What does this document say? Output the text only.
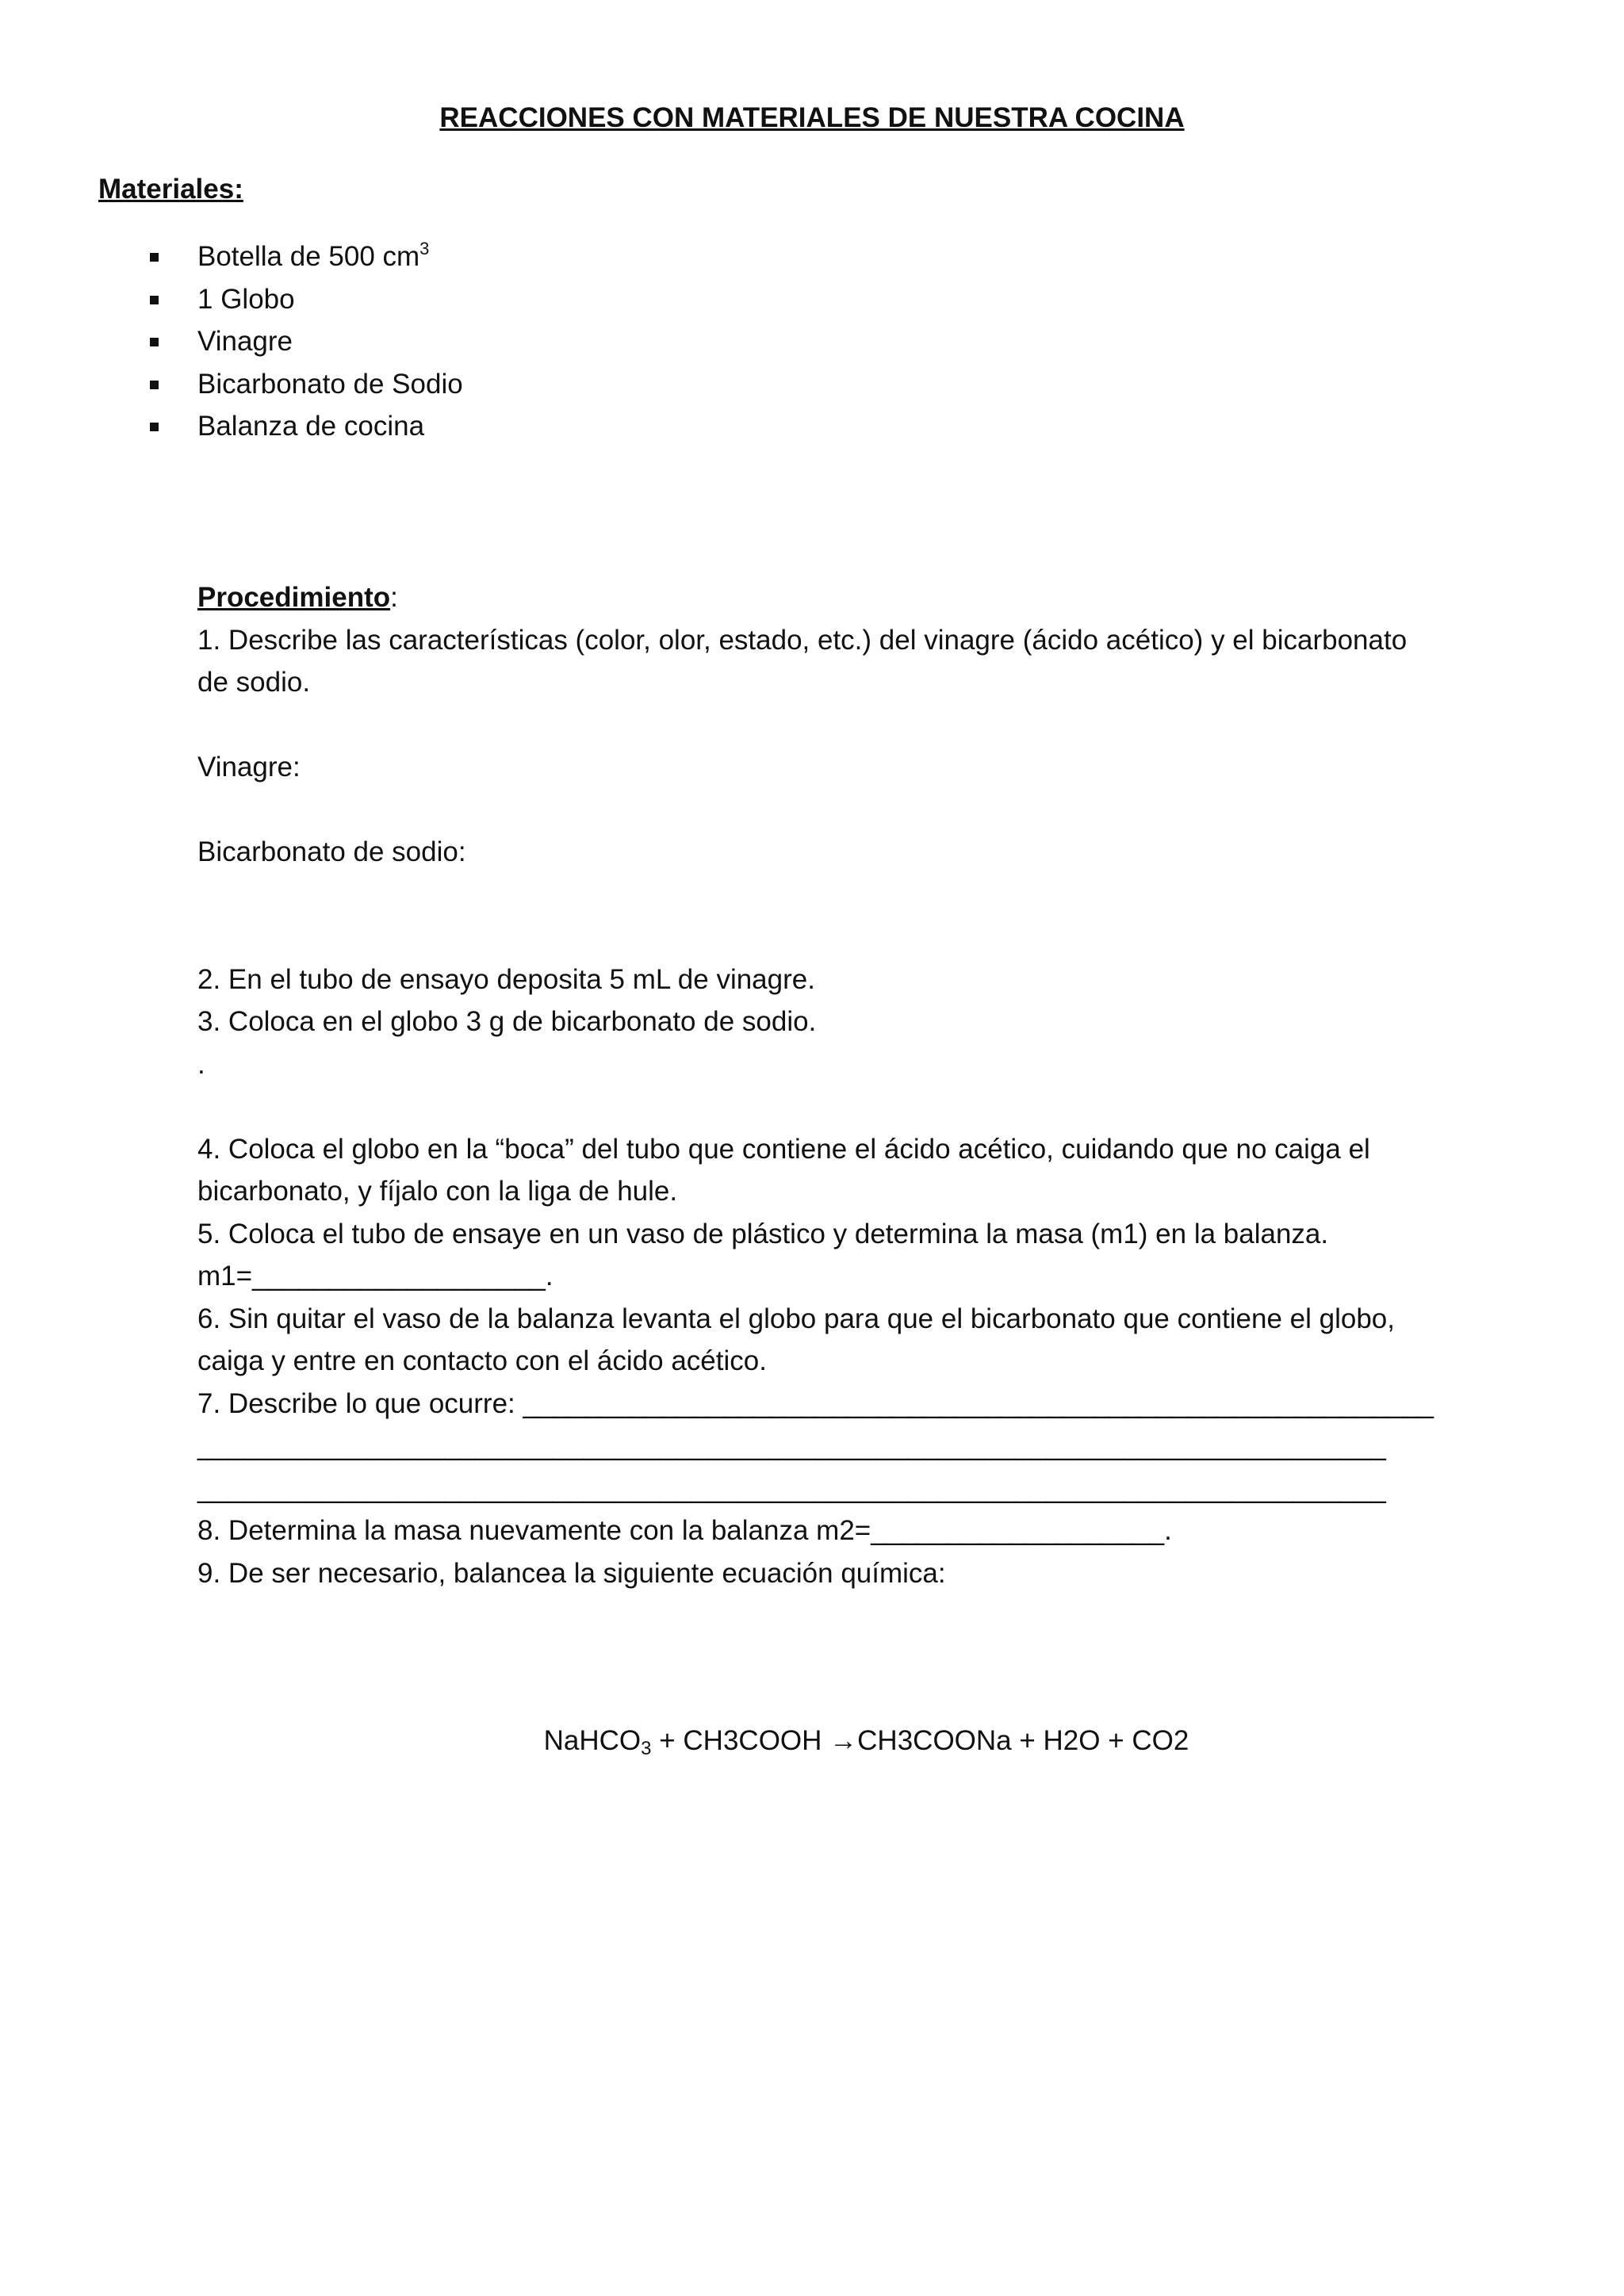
REACCIONES CON MATERIALES DE NUESTRA COCINA
Materiales:
Botella de 500 $cm^3$
1 Globo
Vinagre
Bicarbonato de Sodio
Balanza de cocina
Procedimiento:
1. Describe las características (color, olor, estado, etc.) del vinagre (ácido acético) y el bicarbonato
de sodio.
Vinagre:
Bicarbonato de sodio:
2. En el tubo de ensayo deposita 5 mL de vinagre.
3. Coloca en el globo 3 g de bicarbonato de sodio.
.
4. Coloca el globo en la “boca” del tubo que contiene el ácido acético, cuidando que no caiga el
bicarbonato, y fíjalo con la liga de hule.
5. Coloca el tubo de ensaye en un vaso de plástico y determina la masa (m1) en la balanza.
m1=___________________.
6. Sin quitar el vaso de la balanza levanta el globo para que el bicarbonato que contiene el globo,
caiga y entre en contacto con el ácido acético.
7. Describe lo que ocurre: ___________________________________________________________
_____________________________________________________________________________
_____________________________________________________________________________
8. Determina la masa nuevamente con la balanza m2=___________________.
9. De ser necesario, balancea la siguiente ecuación química:
NaHCO$_3$ + CH3COOH →CH3COONa + H2O + CO2
